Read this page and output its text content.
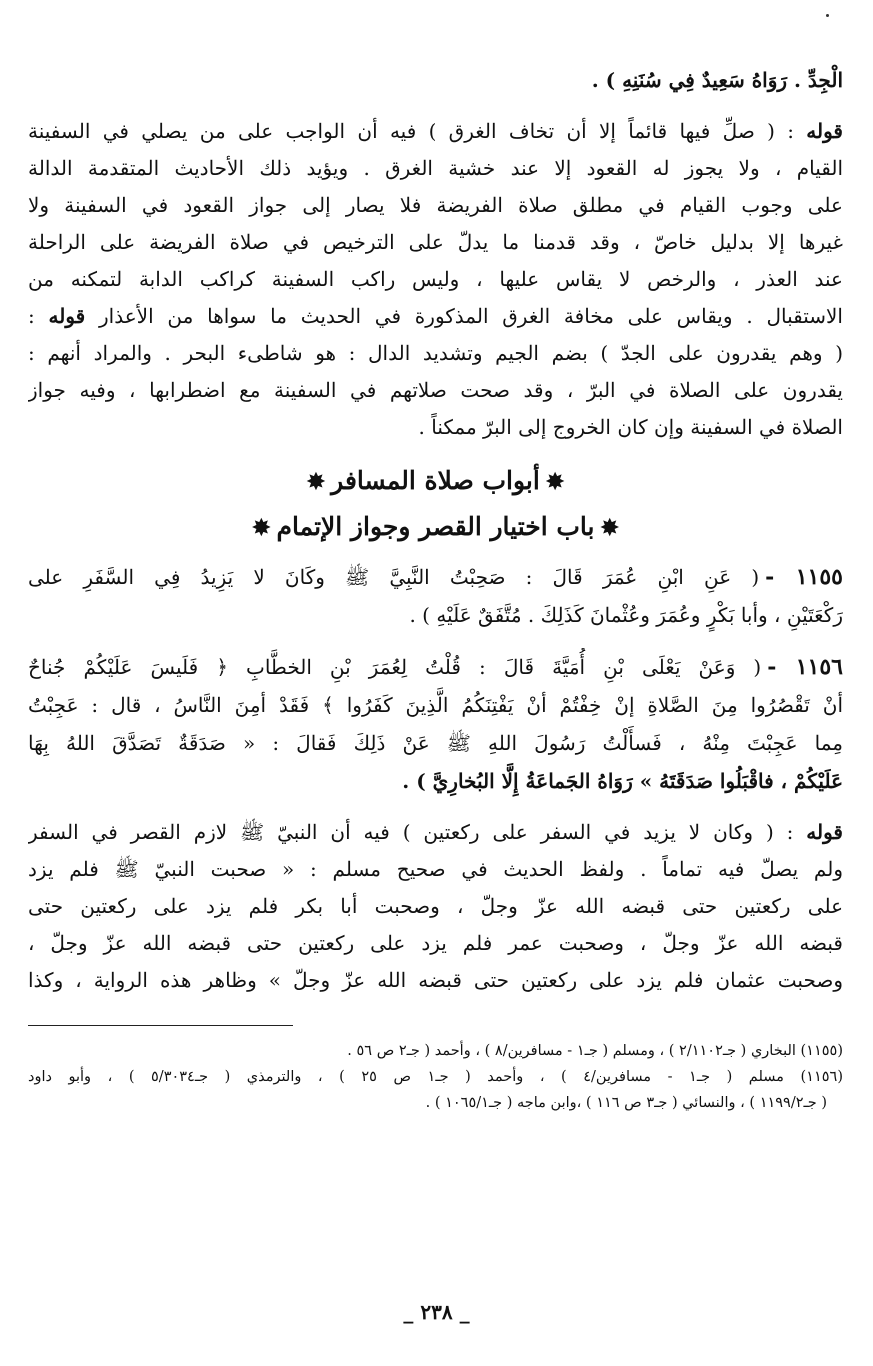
الْجِدِّ . رَوَاهُ سَعِيدٌ فِي سُنَنِهِ ) .
قوله : ( صلِّ فيها قائماً إلا أن تخاف الغرق ) فيه أن الواجب على من يصلي في السفينة
القيام ، ولا يجوز له القعود إلا عند خشية الغرق . ويؤيد ذلك الأحاديث المتقدمة الدالة
على وجوب القيام في مطلق صلاة الفريضة فلا يصار إلى جواز القعود في السفينة ولا
غيرها إلا بدليل خاصّ ، وقد قدمنا ما يدلّ على الترخيص في صلاة الفريضة على الراحلة
عند العذر ، والرخص لا يقاس عليها ، وليس راكب السفينة كراكب الدابة لتمكنه من
الاستقبال . ويقاس على مخافة الغرق المذكورة في الحديث ما سواها من الأعذار قوله :
( وهم يقدرون على الجدّ ) بضم الجيم وتشديد الدال : هو شاطىء البحر . والمراد أنهم :
يقدرون على الصلاة في البرّ ، وقد صحت صلاتهم في السفينة مع اضطرابها ، وفيه جواز
الصلاة في السفينة وإن كان الخروج إلى البرّ ممكناً .
✸أبواب صلاة المسافر✸
✸باب اختيار القصر وجواز الإتمام✸
١١٥٥ -( عَنِ ابْنِ عُمَرَ قَالَ : صَحِبْتُ النَّبِيَّ ﷺ وكَانَ لا يَزِيدُ فِي السَّفَرِ على
رَكْعَتَيْنِ ، وأبا بَكْرٍ وعُمَرَ وعُثْمانَ كَذَلِكَ . مُتَّفَقٌ عَلَيْهِ ) .
١١٥٦ -( وَعَنْ يَعْلَى بْنِ أُمَيَّةَ قَالَ : قُلْتُ لِعُمَرَ بْنِ الخطَّابِ ﴿ فَلَيسَ عَلَيْكُمْ جُناحٌ
أنْ تَقْصُرُوا مِنَ الصَّلاةِ إنْ خِفْتُمْ أنْ يَفْتِنَكُمُ الَّذِينَ كَفَرُوا ﴾ فَقَدْ أمِنَ النَّاسُ ، قال : عَجِبْتُ
مِما عَجِبْتَ مِنْهُ ، فَسأَلْتُ رَسُولَ اللهِ ﷺ عَنْ ذَلِكَ فَقالَ : « صَدَقَةٌ تَصَدَّقَ اللهُ بِهَا
عَلَيْكُمْ ، فاقْبَلُوا صَدَقَتَهُ » رَوَاهُ الجَماعَةُ إِلَّا البُخارِيَّ ) .
قوله : ( وكان لا يزيد في السفر على ركعتين ) فيه أن النبيّ ﷺ لازم القصر في السفر
ولم يصلّ فيه تماماً . ولفظ الحديث في صحيح مسلم : « صحبت النبيّ ﷺ فلم يزد
على ركعتين حتى قبضه الله عزّ وجلّ ، وصحبت أبا بكر فلم يزد على ركعتين حتى
قبضه الله عزّ وجلّ ، وصحبت عمر فلم يزد على ركعتين حتى قبضه الله عزّ وجلّ ،
وصحبت عثمان فلم يزد على ركعتين حتى قبضه الله عزّ وجلّ » وظاهر هذه الرواية ، وكذا
(١١٥٥) البخاري ( جـ٢/١١٠٢ ) ، ومسلم ( جـ١ - مسافرين/٨ ) ، وأحمد ( جـ٢ ص ٥٦ .
(١١٥٦) مسلم ( جـ١ - مسافرين/٤ ) ، وأحمد ( جـ١ ص ٢٥ ) ، والترمذي ( جـ٥/٣٠٣٤ ) ، وأبو داود
( جـ١١٩٩/٢ ) ، والنسائي ( جـ٣ ص ١١٦ ) ،وابن ماجه ( جـ١٠٦٥/١ ) .
_ ٢٣٨ _
